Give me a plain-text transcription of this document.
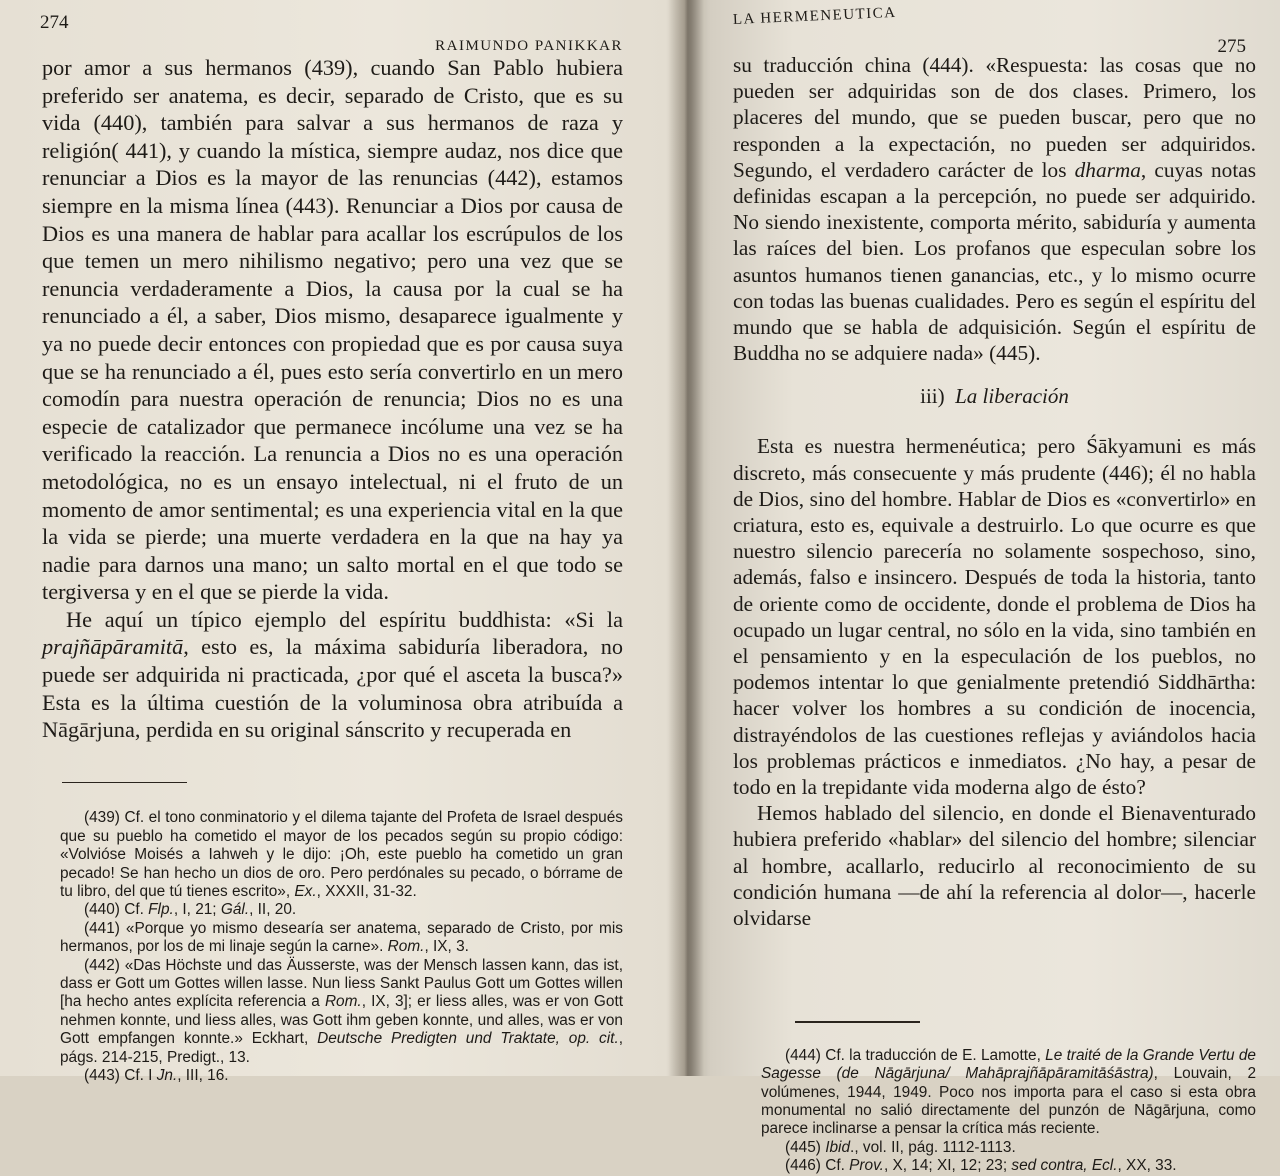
274
RAIMUNDO PANIKKAR

por amor a sus hermanos (439), cuando San Pablo hubiera preferido ser anatema, es decir, separado de Cristo, que es su vida (440), también para salvar a sus hermanos de raza y religión( 441), y cuando la mística, siempre audaz, nos dice que renunciar a Dios es la mayor de las renuncias (442), estamos siempre en la misma línea (443). Renunciar a Dios por causa de Dios es una manera de hablar para acallar los escrúpulos de los que temen un mero nihilismo negativo; pero una vez que se renuncia verdaderamente a Dios, la causa por la cual se ha renunciado a él, a saber, Dios mismo, desaparece igualmente y ya no puede decir entonces con propiedad que es por causa suya que se ha renunciado a él, pues esto sería convertirlo en un mero comodín para nuestra operación de renuncia; Dios no es una especie de catalizador que permanece incólume una vez se ha verificado la reacción. La renuncia a Dios no es una operación metodológica, no es un ensayo intelectual, ni el fruto de un momento de amor sentimental; es una experiencia vital en la que la vida se pierde; una muerte verdadera en la que na hay ya nadie para darnos una mano; un salto mortal en el que todo se tergiversa y en el que se pierde la vida.

He aquí un típico ejemplo del espíritu buddhista: «Si la prajñāpāramitā, esto es, la máxima sabiduría liberadora, no puede ser adquirida ni practicada, ¿por qué el asceta la busca?» Esta es la última cuestión de la voluminosa obra atribuída a Nāgārjuna, perdida en su original sánscrito y recuperada en

(439) Cf. el tono conminatorio y el dilema tajante del Profeta de Israel después que su pueblo ha cometido el mayor de los pecados según su propio código: «Volvióse Moisés a Iahweh y le dijo: ¡Oh, este pueblo ha cometido un gran pecado! Se han hecho un dios de oro. Pero perdónales su pecado, o bórrame de tu libro, del que tú tienes escrito», Ex., XXXII, 31-32.

(440) Cf. Flp., I, 21; Gál., II, 20.

(441) «Porque yo mismo desearía ser anatema, separado de Cristo, por mis hermanos, por los de mi linaje según la carne». Rom., IX, 3.

(442) «Das Höchste und das Äusserste, was der Mensch lassen kann, das ist, dass er Gott um Gottes willen lasse. Nun liess Sankt Paulus Gott um Gottes willen [ha hecho antes explícita referencia a Rom., IX, 3]; er liess alles, was er von Gott nehmen konnte, und liess alles, was Gott ihm geben konnte, und alles, was er von Gott empfangen konnte.» Eckhart, Deutsche Predigten und Traktate, op. cit., págs. 214-215, Predigt., 13.

(443) Cf. I Jn., III, 16.

LA HERMENEUTICA
275

su traducción china (444). «Respuesta: las cosas que no pueden ser adquiridas son de dos clases. Primero, los placeres del mundo, que se pueden buscar, pero que no responden a la expectación, no pueden ser adquiridos. Segundo, el verdadero carácter de los dharma, cuyas notas definidas escapan a la percepción, no puede ser adquirido. No siendo inexistente, comporta mérito, sabiduría y aumenta las raíces del bien. Los profanos que especulan sobre los asuntos humanos tienen ganancias, etc., y lo mismo ocurre con todas las buenas cualidades. Pero es según el espíritu del mundo que se habla de adquisición. Según el espíritu de Buddha no se adquiere nada» (445).

iii) La liberación

Esta es nuestra hermenéutica; pero Śākyamuni es más discreto, más consecuente y más prudente (446); él no habla de Dios, sino del hombre. Hablar de Dios es «convertirlo» en criatura, esto es, equivale a destruirlo. Lo que ocurre es que nuestro silencio parecería no solamente sospechoso, sino, además, falso e insincero. Después de toda la historia, tanto de oriente como de occidente, donde el problema de Dios ha ocupado un lugar central, no sólo en la vida, sino también en el pensamiento y en la especulación de los pueblos, no podemos intentar lo que genialmente pretendió Siddhārtha: hacer volver los hombres a su condición de inocencia, distrayéndolos de las cuestiones reflejas y aviándolos hacia los problemas prácticos e inmediatos. ¿No hay, a pesar de todo en la trepidante vida moderna algo de ésto?

Hemos hablado del silencio, en donde el Bienaventurado hubiera preferido «hablar» del silencio del hombre; silenciar al hombre, acallarlo, reducirlo al reconocimiento de su condición humana —de ahí la referencia al dolor—, hacerle olvidarse

(444) Cf. la traducción de E. Lamotte, Le traité de la Grande Vertu de Sagesse (de Nāgārjuna/ Mahāprajñāpāramitāśāstra), Louvain, 2 volúmenes, 1944, 1949. Poco nos importa para el caso si esta obra monumental no salió directamente del punzón de Nāgārjuna, como parece inclinarse a pensar la crítica más reciente.

(445) Ibid., vol. II, pág. 1112-1113.

(446) Cf. Prov., X, 14; XI, 12; 23; sed contra, Ecl., XX, 33.
